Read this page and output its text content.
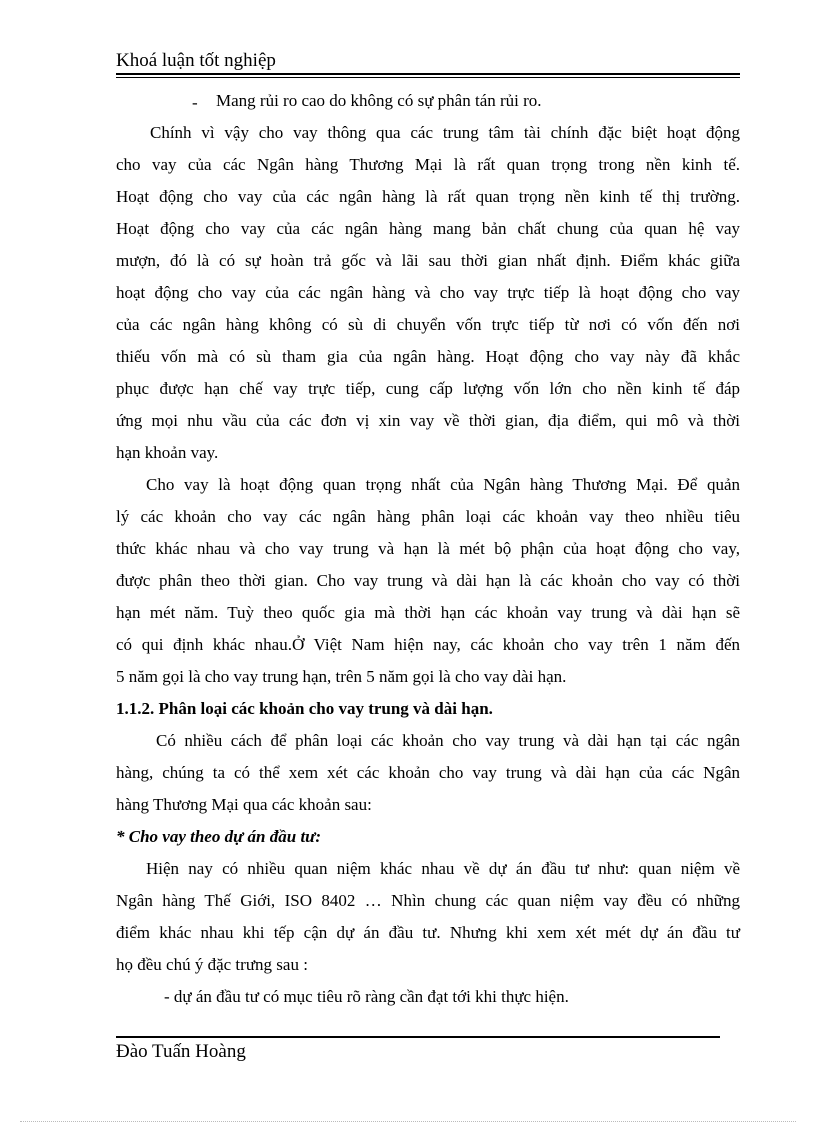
Khoá luận tốt nghiệp
-	Mang rủi ro cao do không có sự phân tán rủi ro.
Chính vì vậy cho vay thông qua các trung tâm tài chính đặc biệt hoạt động
cho vay của các Ngân hàng Thương Mại là rất quan trọng trong nền kinh tế.
Hoạt động cho vay của các ngân hàng là rất quan trọng nền kinh tế thị trường.
Hoạt động cho vay của các ngân hàng mang bản chất chung của quan hệ vay
mượn, đó là có sự hoàn trả gốc và lãi sau thời gian nhất định. Điểm khác giữa
hoạt động cho vay của các ngân hàng và cho vay trực tiếp là hoạt động cho vay
của các ngân hàng không có sù di chuyển vốn trực tiếp từ nơi có vốn đến nơi
thiếu vốn mà có sù tham gia của ngân hàng. Hoạt động cho vay này đã khắc
phục được hạn chế vay trực tiếp, cung cấp lượng vốn lớn cho nền kinh tế đáp
ứng mọi nhu vầu của các đơn vị xin vay về thời gian, địa điểm, qui mô và thời
hạn khoản vay.
Cho vay là hoạt động quan trọng nhất của Ngân hàng Thương Mại. Để quản
lý các khoản cho vay các ngân hàng phân loại các khoản vay theo nhiều tiêu
thức khác nhau và cho vay trung và hạn là mét bộ phận của hoạt động cho vay,
được phân theo thời gian. Cho vay trung và dài hạn là các khoản cho vay có thời
hạn mét năm. Tuỳ theo quốc gia mà thời hạn các khoản vay trung và dài hạn sẽ
có qui định khác nhau.Ở Việt Nam hiện nay, các khoản cho vay trên 1 năm đến
5 năm gọi là cho vay trung hạn, trên 5 năm gọi là cho vay dài hạn.
1.1.2. Phân loại các khoản cho vay trung và dài hạn.
Có nhiều cách để phân loại các khoản cho vay trung và dài hạn tại các ngân
hàng, chúng ta có thể xem xét các khoản cho vay trung và dài hạn của các Ngân
hàng Thương Mại qua các khoản sau:
* Cho vay theo dự án đầu tư:
Hiện nay có nhiều quan niệm khác nhau về dự án đầu tư như: quan niệm về
Ngân hàng Thế Giới, ISO 8402 … Nhìn chung các quan niệm vay đều có những
điểm khác nhau khi tếp cận dự án đầu tư. Nhưng khi xem xét mét dự án đầu tư
họ đều chú ý đặc trưng sau :
- dự án đầu tư có mục tiêu rõ ràng cần đạt tới khi thực hiện.
Đào Tuấn Hoàng
